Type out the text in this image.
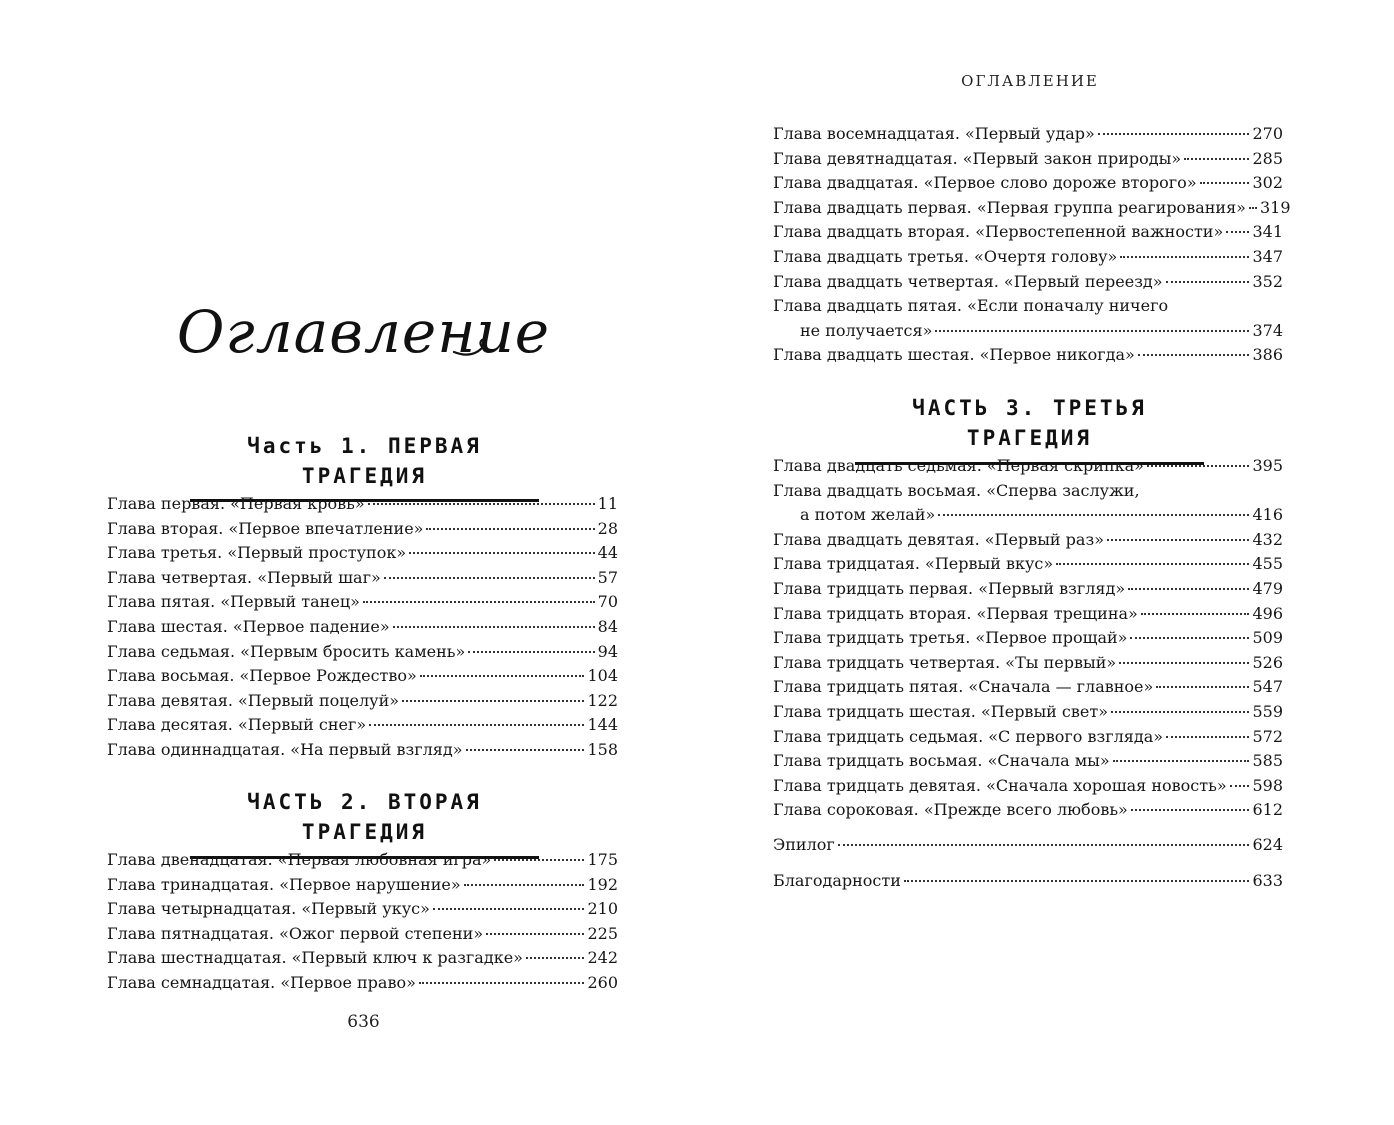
Оглавление
Часть 1. ПЕРВАЯ ТРАГЕДИЯ
Глава первая. «Первая кровь»	11
Глава вторая. «Первое впечатление»	28
Глава третья. «Первый проступок»	44
Глава четвертая. «Первый шаг»	57
Глава пятая. «Первый танец»	70
Глава шестая. «Первое падение»	84
Глава седьмая. «Первым бросить камень»	94
Глава восьмая. «Первое Рождество»	104
Глава девятая. «Первый поцелуй»	122
Глава десятая. «Первый снег»	144
Глава одиннадцатая. «На первый взгляд»	158
ЧАСТЬ 2. ВТОРАЯ ТРАГЕДИЯ
Глава двенадцатая. «Первая любовная игра»	175
Глава тринадцатая. «Первое нарушение»	192
Глава четырнадцатая. «Первый укус»	210
Глава пятнадцатая. «Ожог первой степени»	225
Глава шестнадцатая. «Первый ключ к разгадке»	242
Глава семнадцатая. «Первое право»	260
636
ОГЛАВЛЕНИЕ
Глава восемнадцатая. «Первый удар»	270
Глава девятнадцатая. «Первый закон природы»	285
Глава двадцатая. «Первое слово дороже второго»	302
Глава двадцать первая. «Первая группа реагирования» 319
Глава двадцать вторая. «Первостепенной важности» 341
Глава двадцать третья. «Очертя голову»	347
Глава двадцать четвертая. «Первый переезд»	352
Глава двадцать пятая. «Если поначалу ничего
не получается»	374
Глава двадцать шестая. «Первое никогда»	386
ЧАСТЬ 3. ТРЕТЬЯ ТРАГЕДИЯ
Глава двадцать седьмая. «Первая скрипка»	395
Глава двадцать восьмая. «Сперва заслужи,
а потом желай»	416
Глава двадцать девятая. «Первый раз»	432
Глава тридцатая. «Первый вкус»	455
Глава тридцать первая. «Первый взгляд»	479
Глава тридцать вторая. «Первая трещина»	496
Глава тридцать третья. «Первое прощай»	509
Глава тридцать четвертая. «Ты первый»	526
Глава тридцать пятая. «Сначала — главное»	547
Глава тридцать шестая. «Первый свет»	559
Глава тридцать седьмая. «С первого взгляда»	572
Глава тридцать восьмая. «Сначала мы»	585
Глава тридцать девятая. «Сначала хорошая новость» 598
Глава сороковая. «Прежде всего любовь»	612
Эпилог	624
Благодарности	633
